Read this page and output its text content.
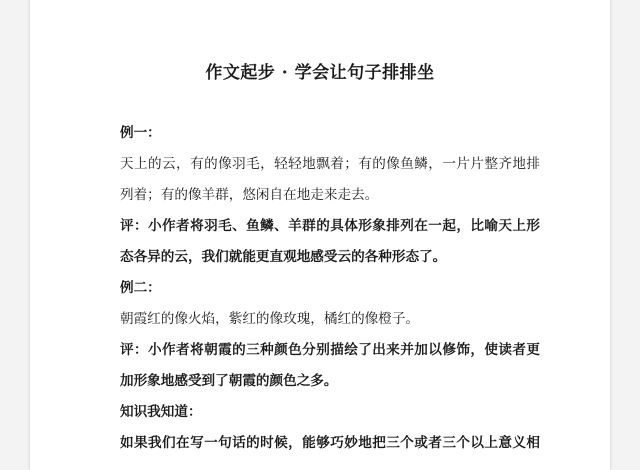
作文起步 · 学会让句子排排坐
例一：
天上的云，有的像羽毛，轻轻地飘着；有的像鱼鳞，一片片整齐地排
列着；有的像羊群，悠闲自在地走来走去。
评：小作者将羽毛、鱼鳞、羊群的具体形象排列在一起，比喻天上形
态各异的云，我们就能更直观地感受云的各种形态了。
例二：
朝霞红的像火焰，紫红的像玫瑰，橘红的像橙子。
评：小作者将朝霞的三种颜色分别描绘了出来并加以修饰，使读者更
加形象地感受到了朝霞的颜色之多。
知识我知道：
如果我们在写一句话的时候，能够巧妙地把三个或者三个以上意义相
